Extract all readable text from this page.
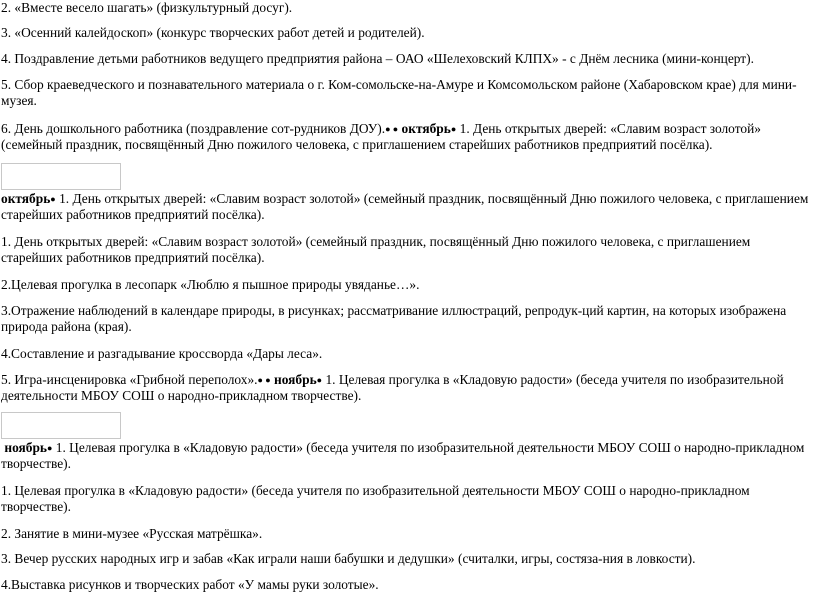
2. «Вместе весело шагать» (физкультурный досуг).

3. «Осенний калейдоскоп» (конкурс творческих работ детей и родителей).

4. Поздравление детьми работников ведущего предприятия района – ОАО «Шелеховский КЛПХ» - с Днём лесника (мини-концерт).

5. Сбор краеведческого и познавательного материала о г. Ком-сомольске-на-Амуре и Комсомольском районе (Хабаровском крае) для мини-музея.

6. День дошкольного работника (поздравление сот-рудников ДОУ).● ● октябрь● 1. День открытых дверей: «Славим возраст золотой» (семейный праздник, посвящённый Дню пожилого человека, с приглашением старейших работников предприятий посёлка).

октябрь● 1. День открытых дверей: «Славим возраст золотой» (семейный праздник, посвящённый Дню пожилого человека, с приглашением старейших работников предприятий посёлка).

1. День открытых дверей: «Славим возраст золотой» (семейный праздник, посвящённый Дню пожилого человека, с приглашением старейших работников предприятий посёлка).

2.Целевая прогулка в лесопарк «Люблю я пышное природы увяданье…».

3.Отражение наблюдений в календаре природы, в рисунках; рассматривание иллюстраций, репродук-ций картин, на которых изображена природа района (края).

4.Составление и разгадывание кроссворда «Дары леса».

5. Игра-инсценировка «Грибной переполох».● ● ноябрь● 1. Целевая прогулка в «Кладовую радости» (беседа учителя по изобразительной деятельности МБОУ СОШ о народно-прикладном творчестве).

ноябрь● 1. Целевая прогулка в «Кладовую радости» (беседа учителя по изобразительной деятельности МБОУ СОШ о народно-прикладном творчестве).

1. Целевая прогулка в «Кладовую радости» (беседа учителя по изобразительной деятельности МБОУ СОШ о народно-прикладном творчестве).

2. Занятие в мини-музее «Русская матрёшка».

3. Вечер русских народных игр и забав «Как играли наши бабушки и дедушки» (считалки, игры, состяза-ния в ловкости).

4.Выставка рисунков и творческих работ «У мамы руки золотые».
